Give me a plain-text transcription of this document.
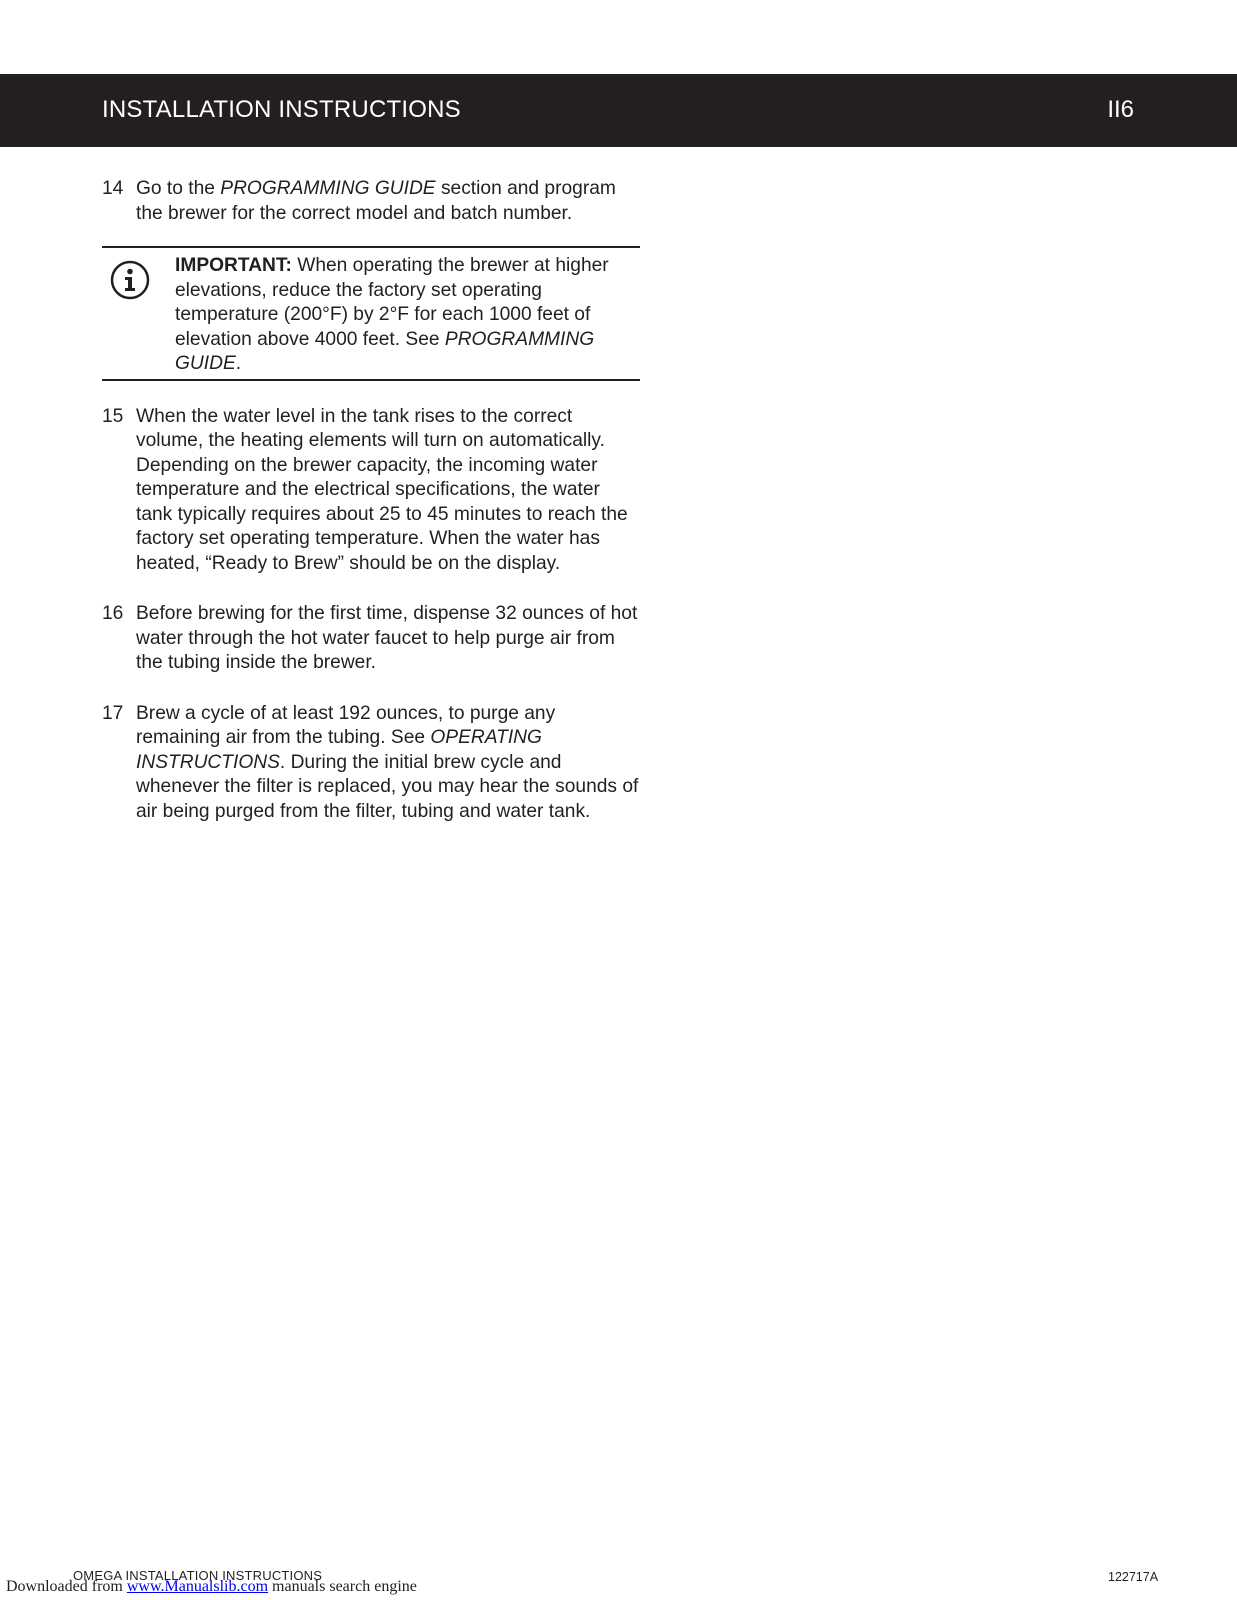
INSTALLATION INSTRUCTIONS	II6
14 Go to the PROGRAMMING GUIDE section and program the brewer for the correct model and batch number.
IMPORTANT: When operating the brewer at higher elevations, reduce the factory set operating temperature (200°F) by 2°F for each 1000 feet of elevation above 4000 feet. See PROGRAMMING GUIDE.
15 When the water level in the tank rises to the correct volume, the heating elements will turn on automatically. Depending on the brewer capacity, the incoming water temperature and the electrical specifications, the water tank typically requires about 25 to 45 minutes to reach the factory set operating temperature. When the water has heated, “Ready to Brew” should be on the display.
16 Before brewing for the first time, dispense 32 ounces of hot water through the hot water faucet to help purge air from the tubing inside the brewer.
17 Brew a cycle of at least 192 ounces, to purge any remaining air from the tubing. See OPERATING INSTRUCTIONS. During the initial brew cycle and whenever the filter is replaced, you may hear the sounds of air being purged from the filter, tubing and water tank.
OMEGA INSTALLATION INSTRUCTIONS	122717A
Downloaded from www.Manualslib.com manuals search engine
